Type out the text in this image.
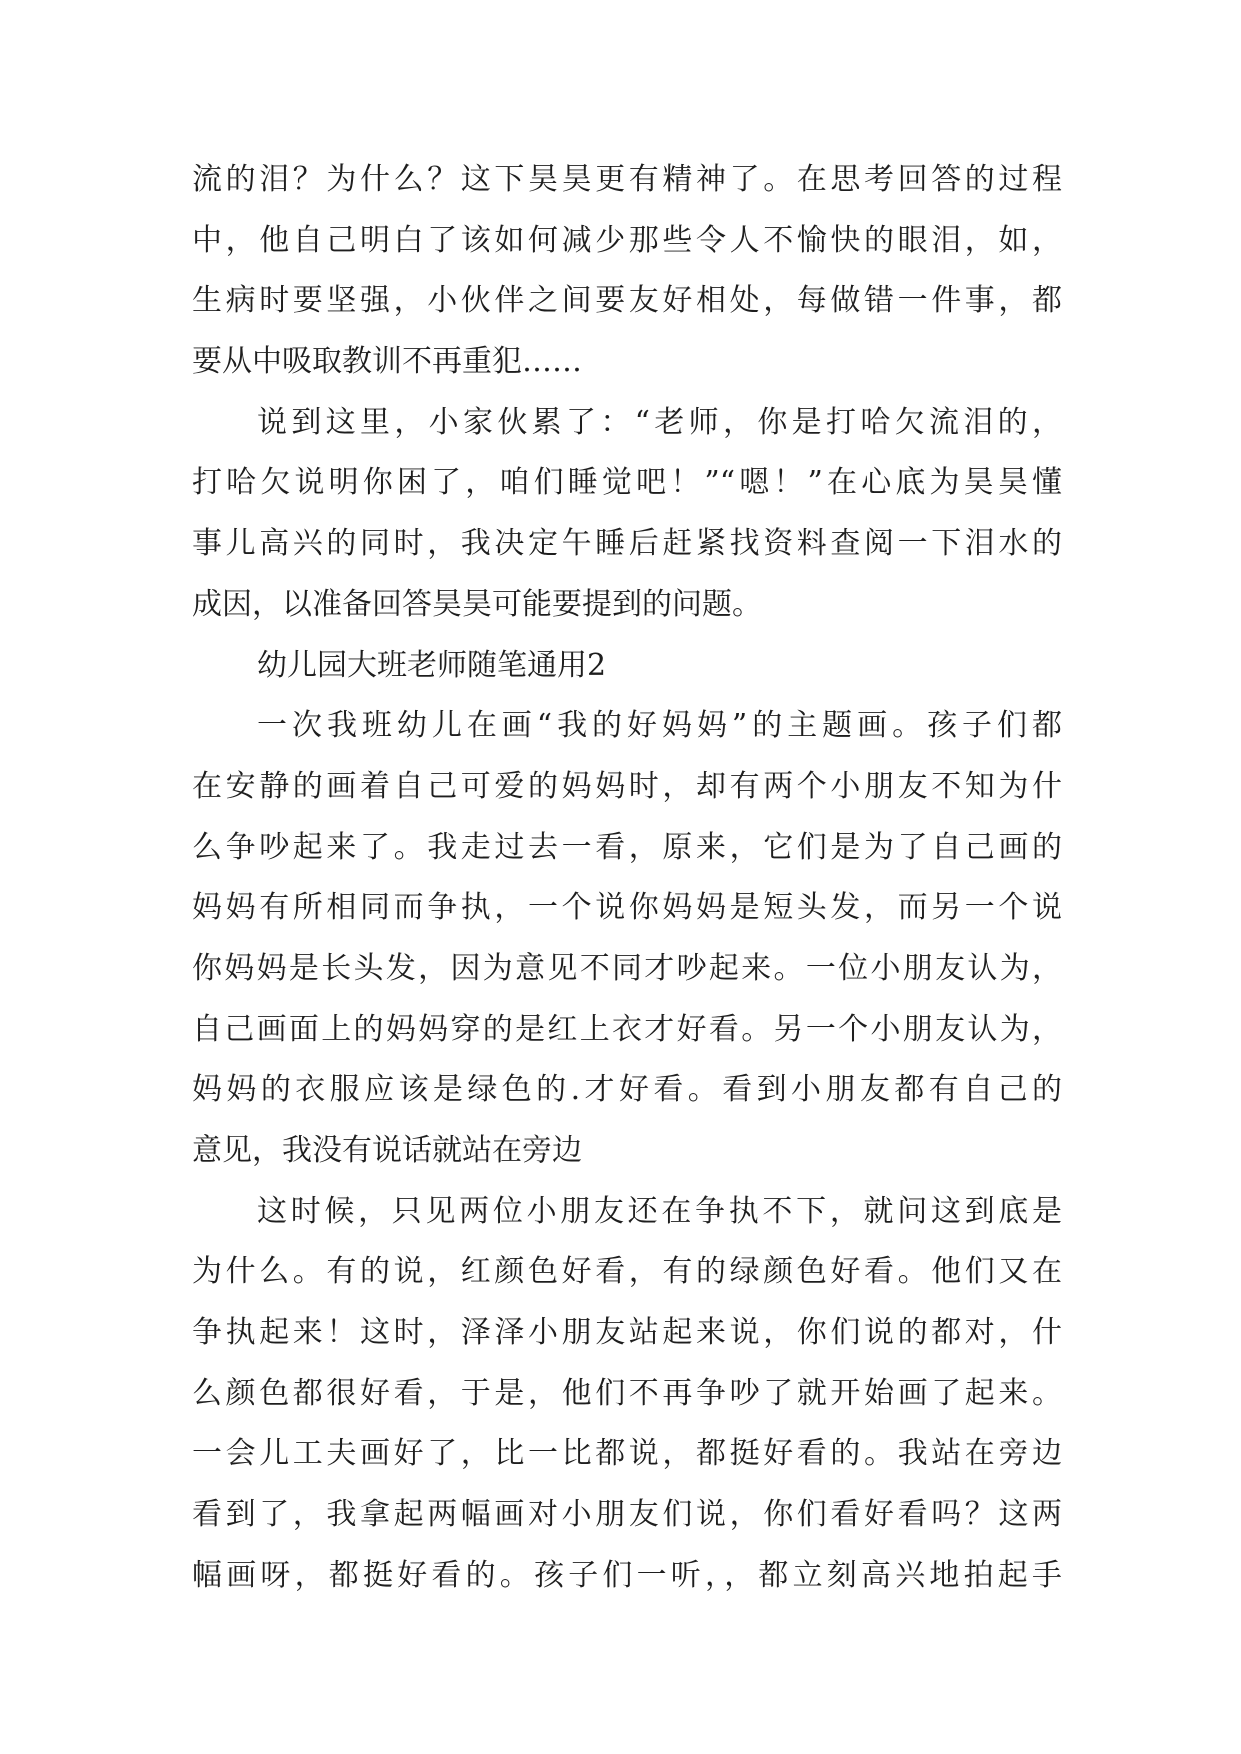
流的泪？为什么？这下昊昊更有精神了。在思考回答的过程
中，他自己明白了该如何减少那些令人不愉快的眼泪，如，
生病时要坚强，小伙伴之间要友好相处，每做错一件事，都
要从中吸取教训不再重犯……
说到这里，小家伙累了：“老师，你是打哈欠流泪的，
打哈欠说明你困了，咱们睡觉吧！”“嗯！”在心底为昊昊懂
事儿高兴的同时，我决定午睡后赶紧找资料查阅一下泪水的
成因，以准备回答昊昊可能要提到的问题。
幼儿园大班老师随笔通用2
一次我班幼儿在画“我的好妈妈”的主题画。孩子们都
在安静的画着自己可爱的妈妈时，却有两个小朋友不知为什
么争吵起来了。我走过去一看，原来，它们是为了自己画的
妈妈有所相同而争执，一个说你妈妈是短头发，而另一个说
你妈妈是长头发，因为意见不同才吵起来。一位小朋友认为，
自己画面上的妈妈穿的是红上衣才好看。另一个小朋友认为，
妈妈的衣服应该是绿色的.才好看。看到小朋友都有自己的
意见，我没有说话就站在旁边
这时候，只见两位小朋友还在争执不下，就问这到底是
为什么。有的说，红颜色好看，有的绿颜色好看。他们又在
争执起来！这时，泽泽小朋友站起来说，你们说的都对，什
么颜色都很好看，于是，他们不再争吵了就开始画了起来。
一会儿工夫画好了，比一比都说，都挺好看的。我站在旁边
看到了，我拿起两幅画对小朋友们说，你们看好看吗？这两
幅画呀，都挺好看的。孩子们一听，，都立刻高兴地拍起手
